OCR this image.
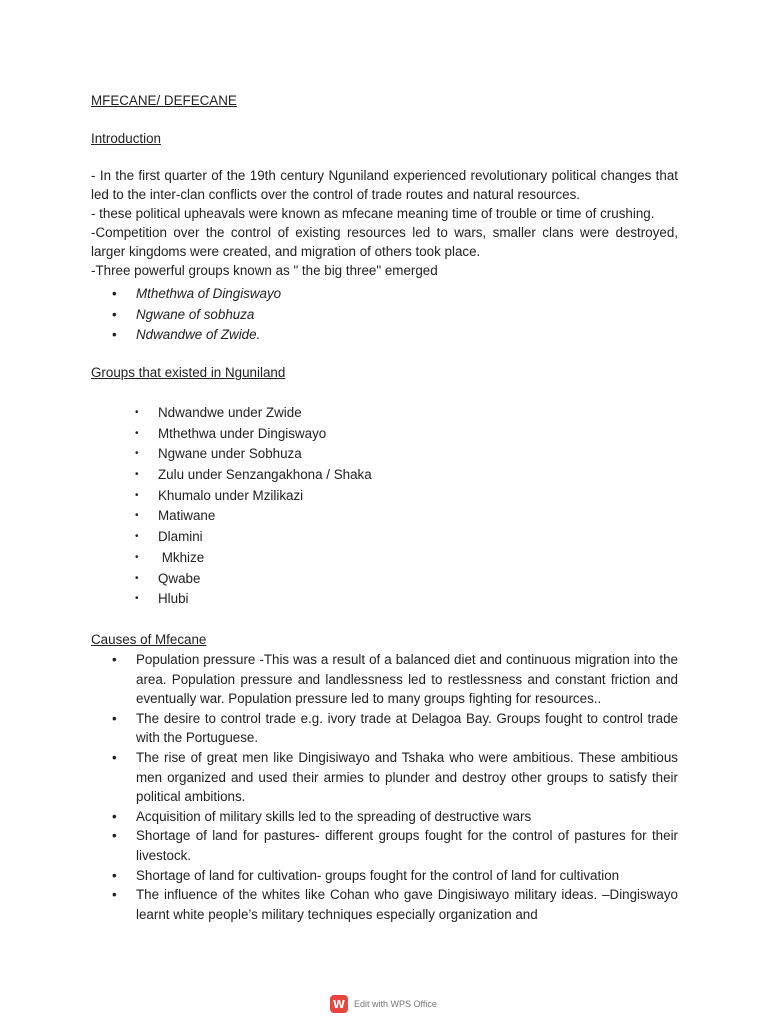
MFECANE/ DEFECANE
Introduction

- In the first quarter of the 19th century Nguniland experienced revolutionary political changes that led to the inter-clan conflicts over the control of trade routes and natural resources.

- these political upheavals were known as mfecane meaning time of trouble or time of crushing.

-Competition over the control of existing resources led to wars, smaller clans were destroyed, larger kingdoms were created, and migration of others took place.

-Three powerful groups known as " the big three" emerged

• Mthethwa of Dingiswayo
• Ngwane of sobhuza
• Ndwandwe of Zwide.
Groups that existed in Nguniland
• Ndwandwe under Zwide
• Mthethwa under Dingiswayo
• Ngwane under Sobhuza
• Zulu under Senzangakhona / Shaka
• Khumalo under Mzilikazi
• Matiwane
• Dlamini
•  Mkhize
• Qwabe
• Hlubi
Causes of Mfecane
• Population pressure -This was a result of a balanced diet and continuous migration into the area. Population pressure and landlessness led to restlessness and constant friction and eventually war. Population pressure led to many groups fighting for resources..
• The desire to control trade e.g. ivory trade at Delagoa Bay. Groups fought to control trade with the Portuguese.
• The rise of great men like Dingisiwayo and Tshaka who were ambitious. These ambitious men organized and used their armies to plunder and destroy other groups to satisfy their political ambitions.
• Acquisition of military skills led to the spreading of destructive wars
• Shortage of land for pastures- different groups fought for the control of pastures for their livestock.
• Shortage of land for cultivation- groups fought for the control of land for cultivation
• The influence of the whites like Cohan who gave Dingisiwayo military ideas. –Dingiswayo learnt white people’s military techniques especially organization and
W Edit with WPS Office
